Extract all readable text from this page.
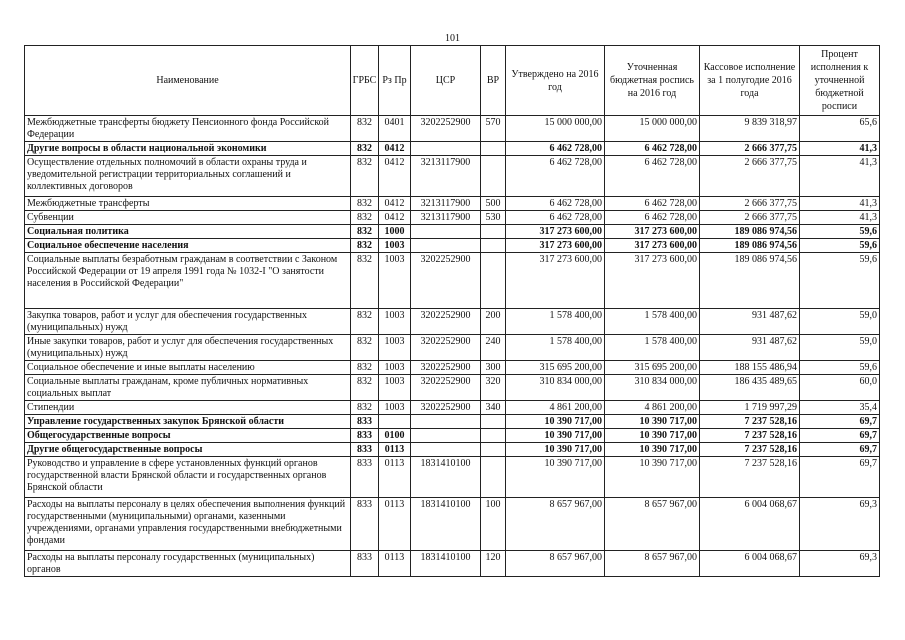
101
Наименование	ГРБС	Рз Пр	ЦСР	ВР	Утверждено на 2016 год	Уточненная бюджетная роспись на 2016 год	Кассовое исполнение за 1 полугодие 2016 года	Процент исполнения к уточненной бюджетной росписи
Межбюджетные трансферты бюджету Пенсионного фонда Российской Федерации	832	0401	3202252900	570	15 000 000,00	15 000 000,00	9 839 318,97	65,6
Другие вопросы в области национальной экономики	832	0412			6 462 728,00	6 462 728,00	2 666 377,75	41,3
Осуществление отдельных полномочий в области охраны труда и уведомительной регистрации территориальных соглашений и коллективных договоров	832	0412	3213117900		6 462 728,00	6 462 728,00	2 666 377,75	41,3
Межбюджетные трансферты	832	0412	3213117900	500	6 462 728,00	6 462 728,00	2 666 377,75	41,3
Субвенции	832	0412	3213117900	530	6 462 728,00	6 462 728,00	2 666 377,75	41,3
Социальная политика	832	1000			317 273 600,00	317 273 600,00	189 086 974,56	59,6
Социальное обеспечение населения	832	1003			317 273 600,00	317 273 600,00	189 086 974,56	59,6
Социальные выплаты безработным гражданам в соответствии с Законом Российской Федерации от 19 апреля 1991 года № 1032-I "О занятости населения в Российской Федерации"	832	1003	3202252900		317 273 600,00	317 273 600,00	189 086 974,56	59,6
Закупка товаров, работ и услуг для обеспечения государственных (муниципальных) нужд	832	1003	3202252900	200	1 578 400,00	1 578 400,00	931 487,62	59,0
Иные закупки товаров, работ и услуг для обеспечения государственных (муниципальных) нужд	832	1003	3202252900	240	1 578 400,00	1 578 400,00	931 487,62	59,0
Социальное обеспечение и иные выплаты населению	832	1003	3202252900	300	315 695 200,00	315 695 200,00	188 155 486,94	59,6
Социальные выплаты гражданам, кроме публичных нормативных социальных выплат	832	1003	3202252900	320	310 834 000,00	310 834 000,00	186 435 489,65	60,0
Стипендии	832	1003	3202252900	340	4 861 200,00	4 861 200,00	1 719 997,29	35,4
Управление государственных закупок Брянской области	833				10 390 717,00	10 390 717,00	7 237 528,16	69,7
Общегосударственные вопросы	833	0100			10 390 717,00	10 390 717,00	7 237 528,16	69,7
Другие общегосударственные вопросы	833	0113			10 390 717,00	10 390 717,00	7 237 528,16	69,7
Руководство и управление в сфере установленных функций органов государственной власти Брянской области и государственных органов Брянской области	833	0113	1831410100		10 390 717,00	10 390 717,00	7 237 528,16	69,7
Расходы на выплаты персоналу в целях обеспечения выполнения функций государственными (муниципальными) органами, казенными учреждениями, органами управления государственными внебюджетными фондами	833	0113	1831410100	100	8 657 967,00	8 657 967,00	6 004 068,67	69,3
Расходы на выплаты персоналу государственных (муниципальных) органов	833	0113	1831410100	120	8 657 967,00	8 657 967,00	6 004 068,67	69,3
